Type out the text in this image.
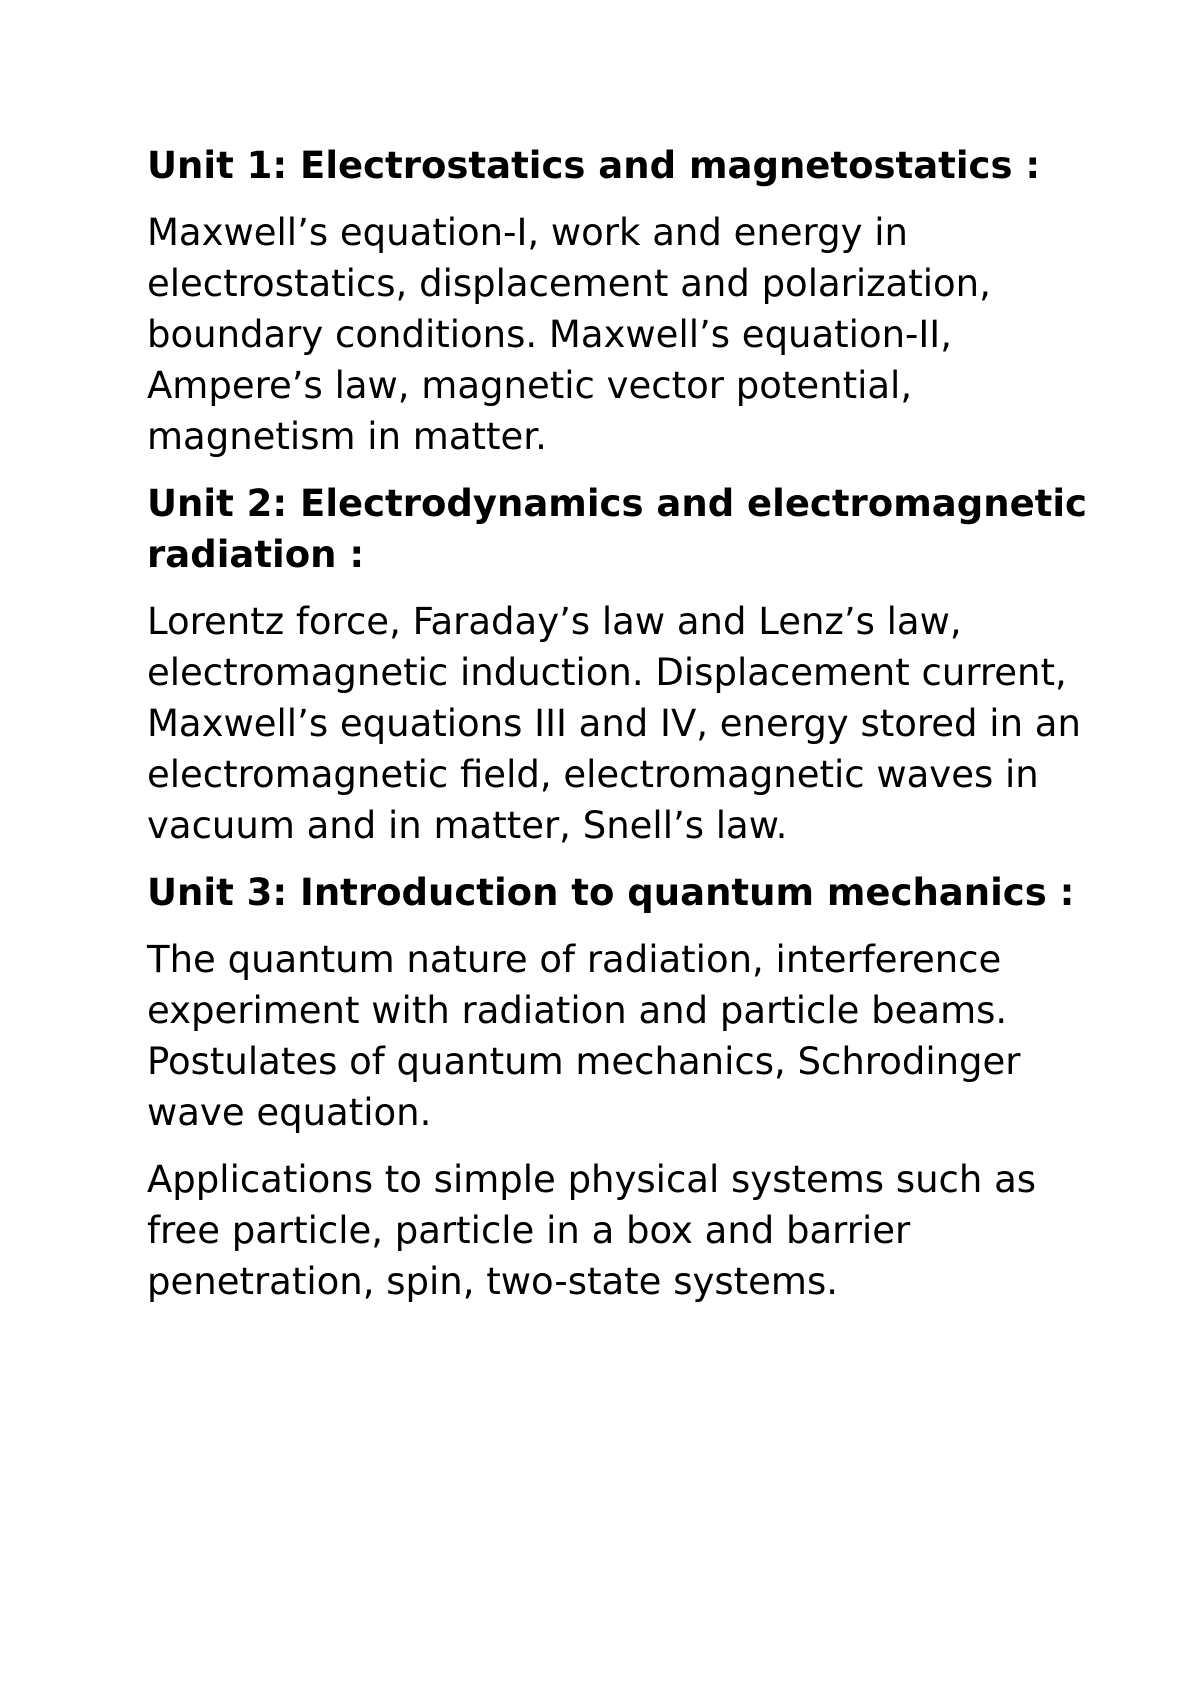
Unit 1: Electrostatics and magnetostatics :

Maxwell’s equation-I, work and energy in electrostatics, displacement and polarization, boundary conditions. Maxwell’s equation-II, Ampere’s law, magnetic vector potential, magnetism in matter.

Unit 2: Electrodynamics and electromagnetic radiation :

Lorentz force, Faraday’s law and Lenz’s law, electromagnetic induction. Displacement current, Maxwell’s equations III and IV, energy stored in an electromagnetic field, electromagnetic waves in vacuum and in matter, Snell’s law.

Unit 3: Introduction to quantum mechanics :

The quantum nature of radiation, interference experiment with radiation and particle beams. Postulates of quantum mechanics, Schrodinger wave equation.

Applications to simple physical systems such as free particle, particle in a box and barrier penetration, spin, two-state systems.
